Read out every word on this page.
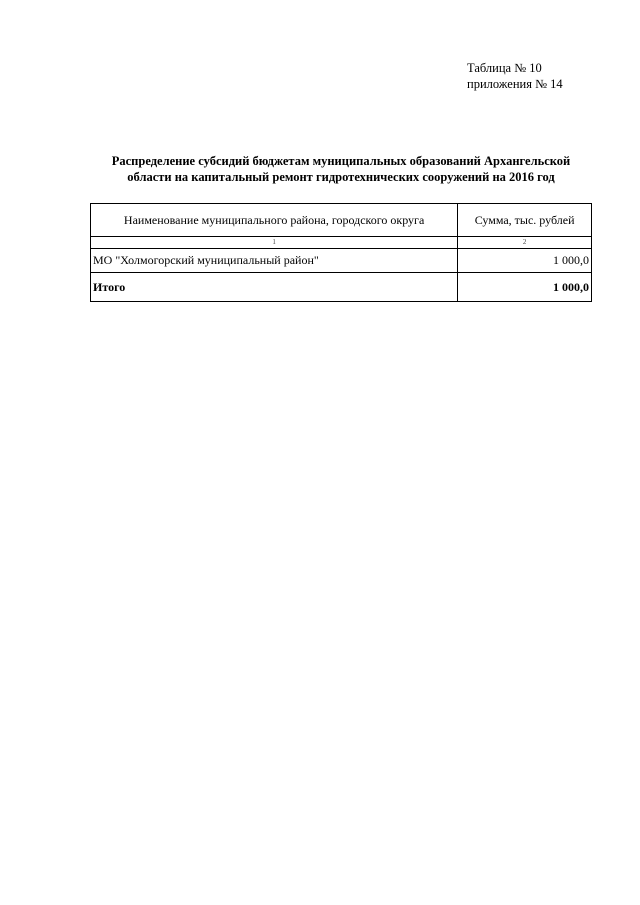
Таблица № 10
приложения № 14
Распределение субсидий бюджетам муниципальных образований Архангельской
области на капитальный ремонт гидротехнических сооружений на 2016 год
Наименование муниципального района, городского округа	Сумма, тыс. рублей
1	2
МО "Холмогорский муниципальный район"	1 000,0
Итого	1 000,0
